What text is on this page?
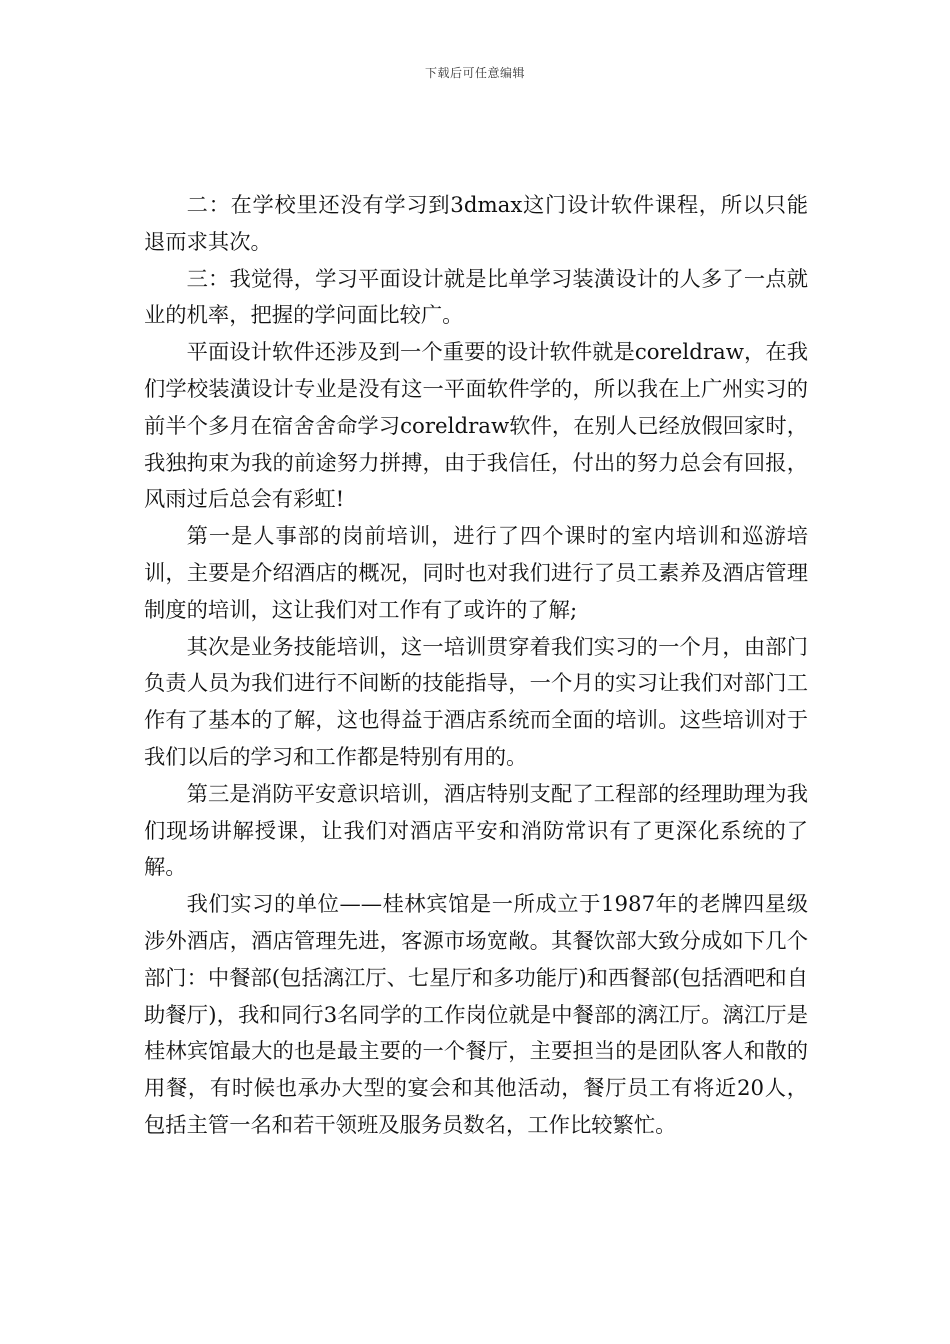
下载后可任意编辑

二：在学校里还没有学习到3dmax这门设计软件课程，所以只能退而求其次。

三：我觉得，学习平面设计就是比单学习装潢设计的人多了一点就业的机率，把握的学问面比较广。

平面设计软件还涉及到一个重要的设计软件就是coreldraw，在我们学校装潢设计专业是没有这一平面软件学的，所以我在上广州实习的前半个多月在宿舍舍命学习coreldraw软件，在别人已经放假回家时，我独拘束为我的前途努力拼搏，由于我信任，付出的努力总会有回报，风雨过后总会有彩虹!

第一是人事部的岗前培训，进行了四个课时的室内培训和巡游培训，主要是介绍酒店的概况，同时也对我们进行了员工素养及酒店管理制度的培训，这让我们对工作有了或许的了解;

其次是业务技能培训，这一培训贯穿着我们实习的一个月，由部门负责人员为我们进行不间断的技能指导，一个月的实习让我们对部门工作有了基本的了解，这也得益于酒店系统而全面的培训。这些培训对于我们以后的学习和工作都是特别有用的。

第三是消防平安意识培训，酒店特别支配了工程部的经理助理为我们现场讲解授课，让我们对酒店平安和消防常识有了更深化系统的了解。

我们实习的单位——桂林宾馆是一所成立于1987年的老牌四星级涉外酒店，酒店管理先进，客源市场宽敞。其餐饮部大致分成如下几个部门：中餐部(包括漓江厅、七星厅和多功能厅)和西餐部(包括酒吧和自助餐厅)，我和同行3名同学的工作岗位就是中餐部的漓江厅。漓江厅是桂林宾馆最大的也是最主要的一个餐厅，主要担当的是团队客人和散的用餐，有时候也承办大型的宴会和其他活动，餐厅员工有将近20人，包括主管一名和若干领班及服务员数名，工作比较繁忙。
